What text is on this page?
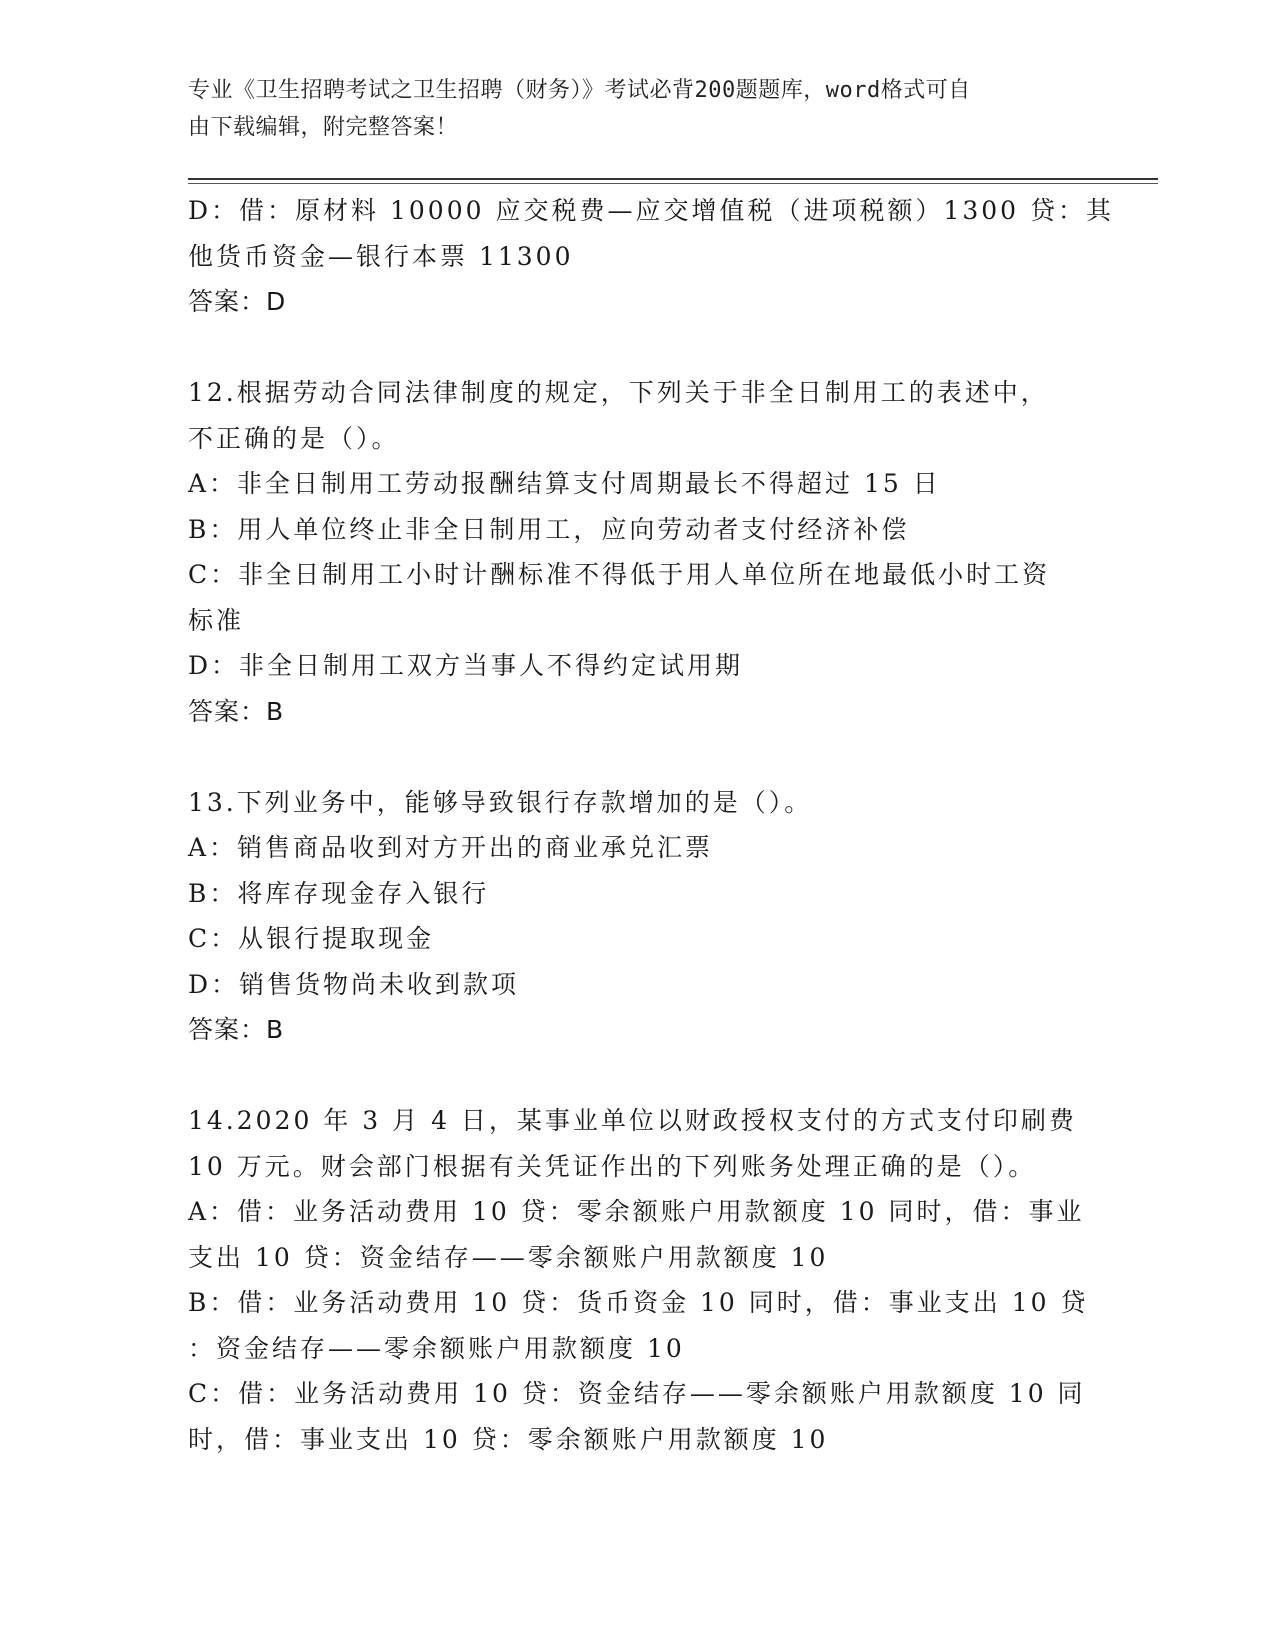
专业《卫生招聘考试之卫生招聘（财务）》考试必背200题题库，word格式可自
由下载编辑，附完整答案！
D：借：原材料 10000 应交税费—应交增值税（进项税额）1300 贷：其
他货币资金—银行本票 11300
答案：D
12.根据劳动合同法律制度的规定，下列关于非全日制用工的表述中，
不正确的是（）。
A：非全日制用工劳动报酬结算支付周期最长不得超过 15 日
B：用人单位终止非全日制用工，应向劳动者支付经济补偿
C：非全日制用工小时计酬标准不得低于用人单位所在地最低小时工资
标准
D：非全日制用工双方当事人不得约定试用期
答案：B
13.下列业务中，能够导致银行存款增加的是（）。
A：销售商品收到对方开出的商业承兑汇票
B：将库存现金存入银行
C：从银行提取现金
D：销售货物尚未收到款项
答案：B
14.2020 年 3 月 4 日，某事业单位以财政授权支付的方式支付印刷费
10 万元。财会部门根据有关凭证作出的下列账务处理正确的是（）。
A：借：业务活动费用 10 贷：零余额账户用款额度 10 同时，借：事业
支出 10 贷：资金结存——零余额账户用款额度 10
B：借：业务活动费用 10 贷：货币资金 10 同时，借：事业支出 10 贷
：资金结存——零余额账户用款额度 10
C：借：业务活动费用 10 贷：资金结存——零余额账户用款额度 10 同
时，借：事业支出 10 贷：零余额账户用款额度 10
